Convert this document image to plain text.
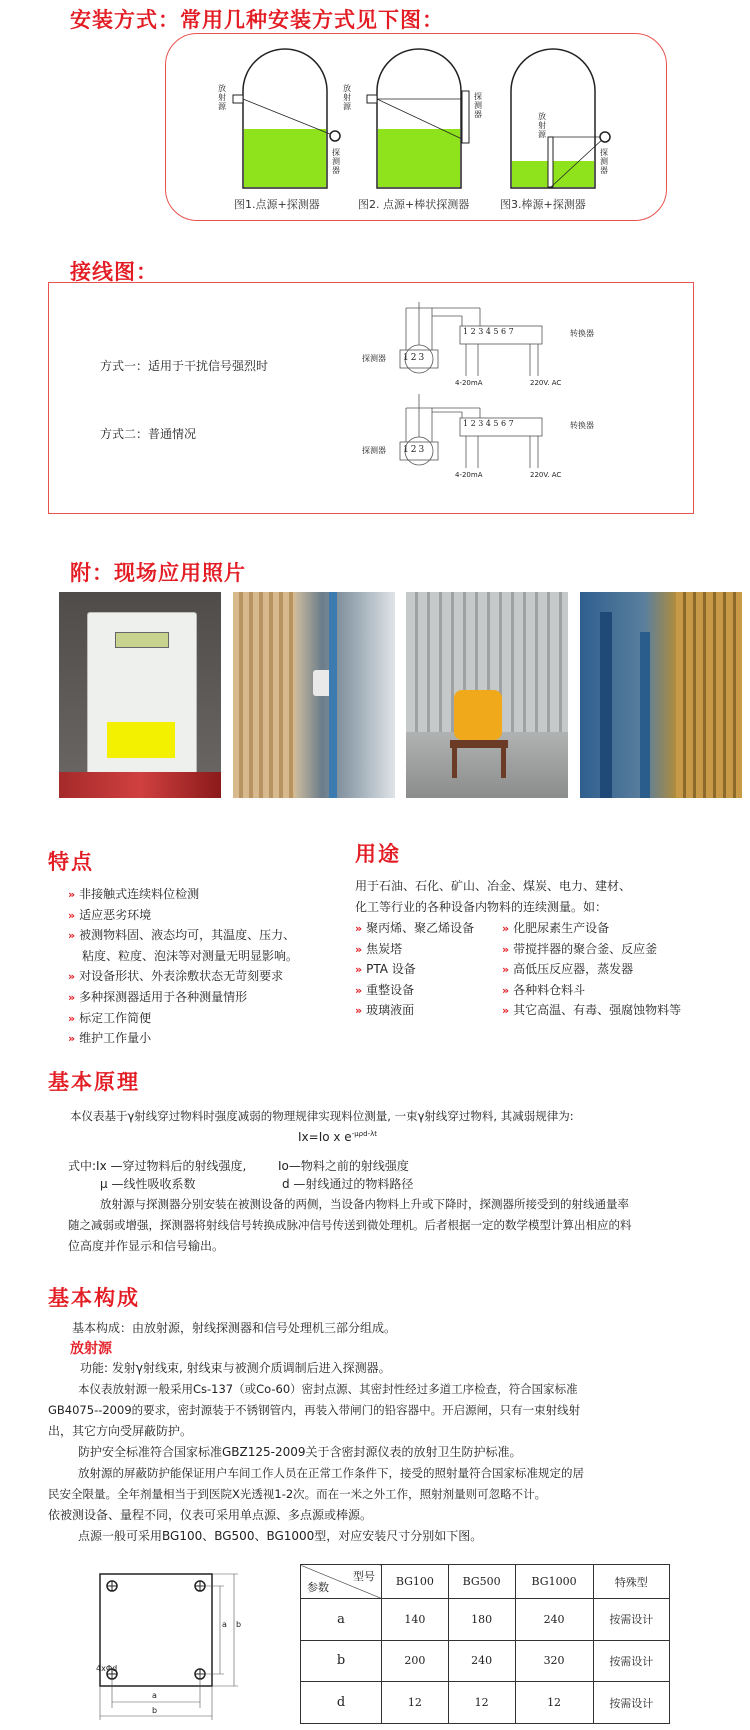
安装方式：常用几种安装方式见下图：
放射源
放射源
放射源
探测器
探测器
探测器
图1.点源+探测器	图2. 点源+棒状探测器	图3.棒源+探测器
接线图：
方式一：适用于干扰信号强烈时
方式二：普通情况
探测器 123
1234567	转换器
4-20mA	220V. AC
探测器 123
1234567	转换器
4-20mA	220V. AC
附：现场应用照片
特点
» 非接触式连续料位检测
» 适应恶劣环境
» 被测物料固、液态均可，其温度、压力、
粘度、粒度、泡沫等对测量无明显影响。
» 对设备形状、外表涂敷状态无苛刻要求
» 多种探测器适用于各种测量情形
» 标定工作简便
» 维护工作量小
用途
用于石油、石化、矿山、冶金、煤炭、电力、建材、
化工等行业的各种设备内物料的连续测量。如：
» 聚丙烯、聚乙烯设备
» 焦炭塔
» PTA 设备
» 重整设备
» 玻璃液面
» 化肥尿素生产设备
» 带搅拌器的聚合釜、反应釜
» 高低压反应器，蒸发器
» 各种料仓料斗
» 其它高温、有毒、强腐蚀物料等
基本原理
本仪表基于γ射线穿过物料时强度减弱的物理规律实现料位测量, 一束γ射线穿过物料, 其减弱规律为:
Ix=Io x $e^{-\mu\rho d-\lambda t}$
式中:Ix —穿过物料后的射线强度,	Io—物料之前的射线强度
μ —线性吸收系数	d —射线通过的物料路径
放射源与探测器分别安装在被测设备的两侧，当设备内物料上升或下降时，探测器所接受到的射线通量率
随之减弱或增强，探测器将射线信号转换成脉冲信号传送到微处理机。后者根据一定的数学模型计算出相应的料
位高度并作显示和信号输出。
基本构成
基本构成：由放射源，射线探测器和信号处理机三部分组成。
放射源
功能: 发射γ射线束, 射线束与被测介质调制后进入探测器。
本仪表放射源一般采用Cs-137（或Co-60）密封点源、其密封性经过多道工序检查，符合国家标准
GB4075--2009的要求，密封源装于不锈钢管内，再装入带闸门的铅容器中。开启源闸，只有一束射线射
出，其它方向受屏蔽防护。
防护安全标准符合国家标准GBZ125-2009关于含密封源仪表的放射卫生防护标准。
放射源的屏蔽防护能保证用户车间工作人员在正常工作条件下，接受的照射量符合国家标准规定的居
民安全限量。全年剂量相当于到医院X光透视1-2次。而在一米之外工作，照射剂量则可忽略不计。
依被测设备、量程不同，仪表可采用单点源、多点源或棒源。
点源一般可采用BG100、BG500、BG1000型，对应安装尺寸分别如下图。
4xΦd
a
b
a b
型号
参数	BG100	BG500	BG1000	特殊型
a	140	180	240	按需设计
b	200	240	320	按需设计
d	12	12	12	按需设计
